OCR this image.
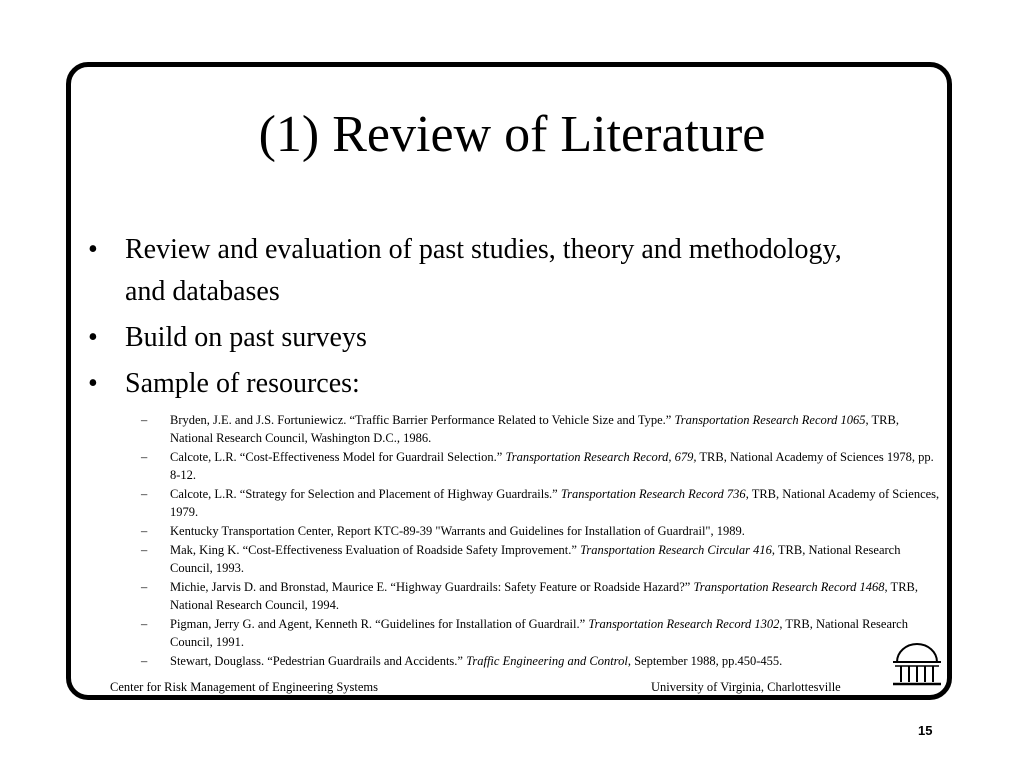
(1) Review of Literature
• Review and evaluation of past studies, theory and methodology, and databases
• Build on past surveys
• Sample of resources:
– Bryden, J.E. and J.S. Fortuniewicz. “Traffic Barrier Performance Related to Vehicle Size and Type.” Transportation Research Record 1065, TRB, National Research Council, Washington D.C., 1986.
– Calcote, L.R. “Cost-Effectiveness Model for Guardrail Selection.” Transportation Research Record, 679, TRB, National Academy of Sciences 1978, pp. 8-12.
– Calcote, L.R. “Strategy for Selection and Placement of Highway Guardrails.” Transportation Research Record 736, TRB, National Academy of Sciences, 1979.
– Kentucky Transportation Center, Report KTC-89-39 "Warrants and Guidelines for Installation of Guardrail", 1989.
– Mak, King K. “Cost-Effectiveness Evaluation of Roadside Safety Improvement.” Transportation Research Circular 416, TRB, National Research Council, 1993.
– Michie, Jarvis D. and Bronstad, Maurice E. “Highway Guardrails: Safety Feature or Roadside Hazard?” Transportation Research Record 1468, TRB, National Research Council, 1994.
– Pigman, Jerry G. and Agent, Kenneth R. “Guidelines for Installation of Guardrail.” Transportation Research Record 1302, TRB, National Research Council, 1991.
– Stewart, Douglass. “Pedestrian Guardrails and Accidents.” Traffic Engineering and Control, September 1988, pp.450-455.
Center for Risk Management of Engineering Systems	University of Virginia, Charlottesville
15
